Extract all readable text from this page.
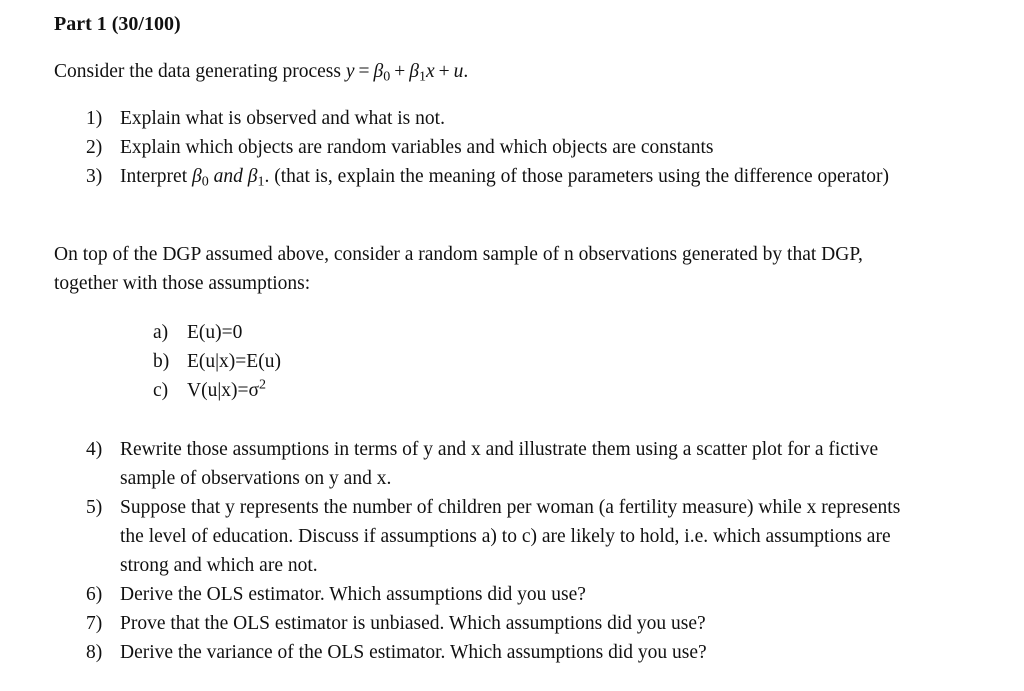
Part 1 (30/100)
Consider the data generating process $y = \beta_0 + \beta_1x + u$.
1) Explain what is observed and what is not.
2) Explain which objects are random variables and which objects are constants
3) Interpret $\beta_0$ and $\beta_1$. (that is, explain the meaning of those parameters using the difference operator)
On top of the DGP assumed above, consider a random sample of n observations generated by that DGP, together with those assumptions:
a) E(u)=0
b) E(u|x)=E(u)
c) $V(u|x)=\sigma^2$
4) Rewrite those assumptions in terms of y and x and illustrate them using a scatter plot for a fictive sample of observations on y and x.
5) Suppose that y represents the number of children per woman (a fertility measure) while x represents the level of education. Discuss if assumptions a) to c) are likely to hold, i.e. which assumptions are strong and which are not.
6) Derive the OLS estimator. Which assumptions did you use?
7) Prove that the OLS estimator is unbiased. Which assumptions did you use?
8) Derive the variance of the OLS estimator. Which assumptions did you use?
